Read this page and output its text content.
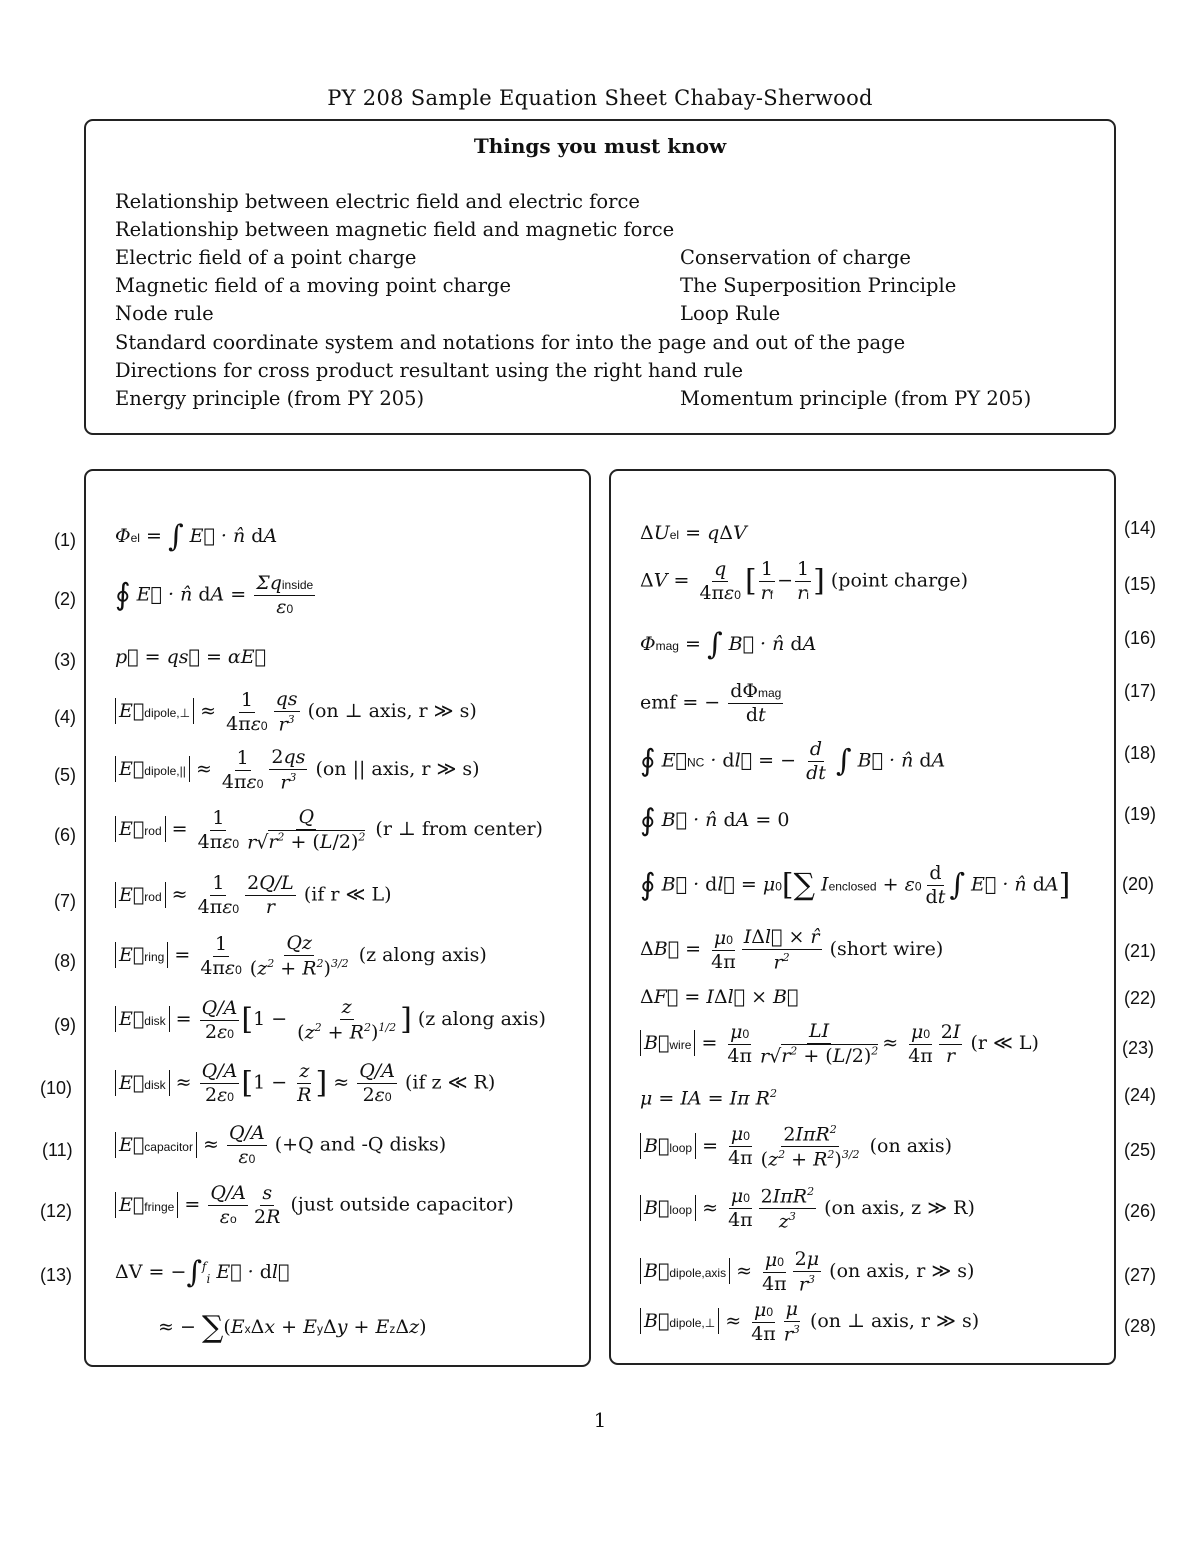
PY 208 Sample Equation Sheet Chabay-Sherwood
Things you must know
Relationship between electric field and electric force
Relationship between magnetic field and magnetic force
Electric field of a point charge
Magnetic field of a moving point charge
Node rule
Standard coordinate system and notations for into the page and out of the page
Directions for cross product resultant using the right hand rule
Energy principle (from PY 205)
Conservation of charge
The Superposition Principle
Loop Rule
Momentum principle (from PY 205)
(1)
(2)
(3)
(4)
(5)
(6)
(7)
(8)
(9)
(10)
(11)
(12)
(13)
(14)
(15)
(16)
(17)
(18)
(19)
(20)
(21)
(22)
(23)
(24)
(25)
(26)
(27)
(28)
Φel = ∫ E⃗ · n̂ dA
∮ E⃗ · n̂ dA = $\frac{\text{Σqinside}}{\varepsilon 0}$
p⃗ = qs⃗ = αE⃗
E⃗dipole,⊥ ≈ $\frac{1}{4\pi\varepsilon 0} \frac{qs}{r^3} (on$ ⊥ axis, r ≫ s)
E⃗dipole,|| ≈ $\frac{1}{4\pi\varepsilon 0} \frac{2qs}{r^3} (on$ || axis, r ≫ s)
E⃗rod = $\frac{1}{4\pi\varepsilon 0} \frac{Q}{r√r^2 + (L/2)^2} (r$ ⊥ from center)
E⃗rod ≈ $\frac{1}{4\pi\varepsilon 0} \frac{2Q/L}{r} (if$ r ≪ L)
E⃗ring = $\frac{1}{4\pi\varepsilon 0} \frac{Qz}{(z^2 + R^2)^{3/2}} (z$ along axis)
E⃗disk = $\frac{Q/A}{2\varepsilon 0} [1 - \frac{z}{(z^2 + R^2)^{1/2}}$ ] (z along axis)
E⃗disk ≈ $\frac{Q/A}{2\varepsilon 0} [1 - \frac{z}{R}$ ] ≈ $\frac{Q/A}{2\varepsilon 0} (if$ z ≪ R)
E⃗capacitor ≈ $\frac{Q/A}{\varepsilon 0} (+Q$ and -Q disks)
E⃗fringe = $\frac{Q/A}{\varepsilon o} \frac{s}{2R}$ (just outside capacitor)
ΔV = −∫$^f_i$ E⃗ · dl⃗
≈ − ∑(ExΔx + EyΔy + EzΔz)
ΔUel = qΔV
$\Delta V = \frac{q}{4\pi\varepsilon 0}$ [ $\frac{1}{rf} - \frac{1}{ri}$ ] (point charge)
Φmag = ∫ B⃗ · n̂ dA
emf = − $\frac{\text{dΦmag}}{dt}$
∮ E⃗NC · dl⃗ = − $\frac{d}{dt}$ ∫ B⃗ · n̂ dA
∮ B⃗ · n̂ dA = 0
∮ B⃗ · dl⃗ = μ0[∑ Ienclosed + $\varepsilon 0 \frac{d}{dt}$ ∫ E⃗ · n̂ dA]
ΔB⃗ = $\frac{\mu 0}{4\pi} \frac{\text{IΔl⃗ × r̂}}{r^2}$ (short wire)
ΔF⃗ = IΔl⃗ × B⃗
B⃗wire = $\frac{\mu 0}{4\pi} \frac{LI}{r√r^2 + (L/2)^2} \approx \frac{\mu 0}{4\pi} \frac{2I}{r} (r$ ≪ L)
μ = IA = Iπ $R^2$
B⃗loop = $\frac{\mu 0}{4\pi} \frac{2I\pi R^2}{(z^2 + R^2)^{3/2}} (on$ axis)
B⃗loop ≈ $\frac{\mu 0}{4\pi} \frac{2I\pi R^2}{z^3} (on$ axis, z ≫ R)
B⃗dipole,axis ≈ $\frac{\mu 0}{4\pi} \frac{2\mu}{r^3} (on$ axis, r ≫ s)
B⃗dipole,⊥ ≈ $\frac{\mu 0}{4\pi} \frac{\mu}{r^3} (on$ ⊥ axis, r ≫ s)
1
